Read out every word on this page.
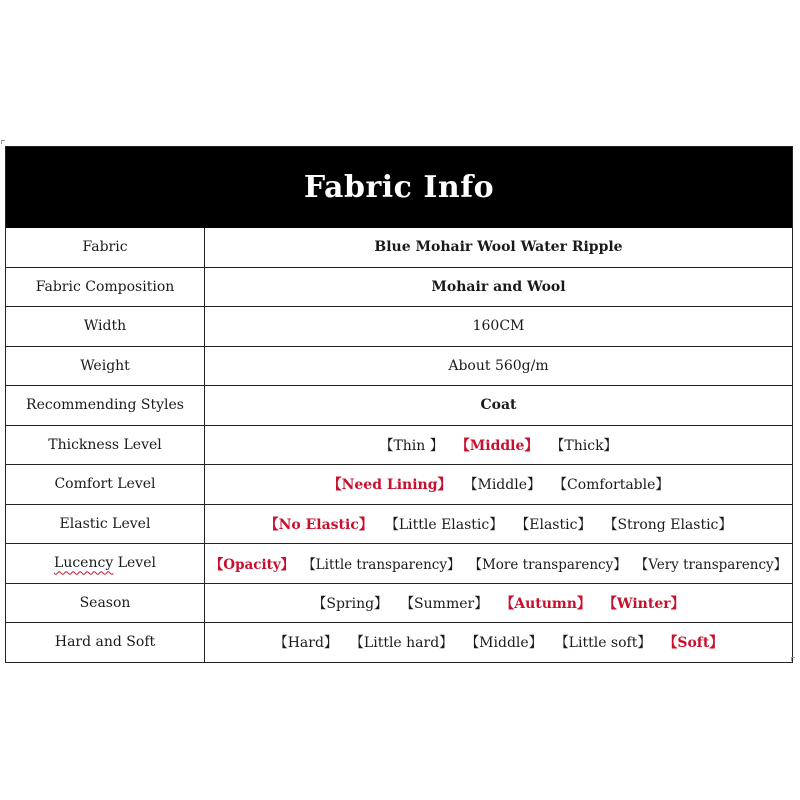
Fabric Info
Fabric	Blue Mohair Wool Water Ripple
Fabric Composition	Mohair and Wool
Width	160CM
Weight	About 560g/m
Recommending Styles	Coat
Thickness Level	【Thin 】 【Middle】 【Thick】
Comfort Level	【Need Lining】 【Middle】 【Comfortable】
Elastic Level	【No Elastic】 【Little Elastic】 【Elastic】 【Strong Elastic】
Lucency Level	【Opacity】 【Little transparency】 【More transparency】 【Very transparency】
Season	【Spring】 【Summer】 【Autumn】 【Winter】
Hard and Soft	【Hard】 【Little hard】 【Middle】 【Little soft】 【Soft】
